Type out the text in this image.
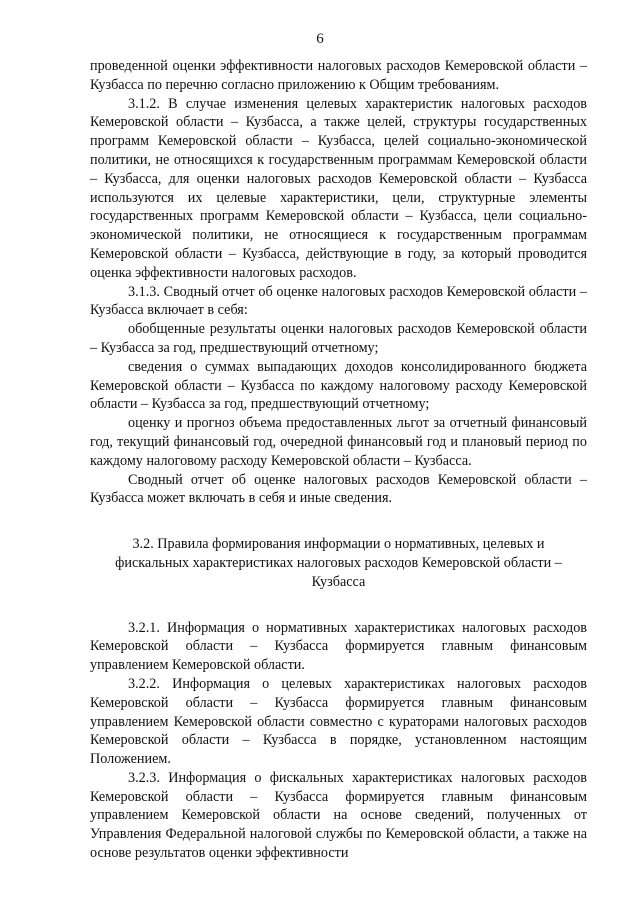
6

проведенной оценки эффективности налоговых расходов Кемеровской области – Кузбасса по перечню согласно приложению к Общим требованиям.

3.1.2. В случае изменения целевых характеристик налоговых расходов Кемеровской области – Кузбасса, а также целей, структуры государственных программ Кемеровской области – Кузбасса, целей социально-экономической политики, не относящихся к государственным программам Кемеровской области – Кузбасса, для оценки налоговых расходов Кемеровской области – Кузбасса используются их целевые характеристики, цели, структурные элементы государственных программ Кемеровской области – Кузбасса, цели социально-экономической политики, не относящиеся к государственным программам Кемеровской области – Кузбасса, действующие в году, за который проводится оценка эффективности налоговых расходов.

3.1.3. Сводный отчет об оценке налоговых расходов Кемеровской области – Кузбасса включает в себя:

обобщенные результаты оценки налоговых расходов Кемеровской области – Кузбасса за год, предшествующий отчетному;

сведения о суммах выпадающих доходов консолидированного бюджета Кемеровской области – Кузбасса по каждому налоговому расходу Кемеровской области – Кузбасса за год, предшествующий отчетному;

оценку и прогноз объема предоставленных льгот за отчетный финансовый год, текущий финансовый год, очередной финансовый год и плановый период по каждому налоговому расходу Кемеровской области – Кузбасса.

Сводный отчет об оценке налоговых расходов Кемеровской области – Кузбасса может включать в себя и иные сведения.

3.2. Правила формирования информации о нормативных, целевых и
фискальных характеристиках налоговых расходов Кемеровской области –
Кузбасса

3.2.1. Информация о нормативных характеристиках налоговых расходов Кемеровской области – Кузбасса формируется главным финансовым управлением Кемеровской области.

3.2.2. Информация о целевых характеристиках налоговых расходов Кемеровской области – Кузбасса формируется главным финансовым управлением Кемеровской области совместно с кураторами налоговых расходов Кемеровской области – Кузбасса в порядке, установленном настоящим Положением.

3.2.3. Информация о фискальных характеристиках налоговых расходов Кемеровской области – Кузбасса формируется главным финансовым управлением Кемеровской области на основе сведений, полученных от Управления Федеральной налоговой службы по Кемеровской области, а также на основе результатов оценки эффективности
